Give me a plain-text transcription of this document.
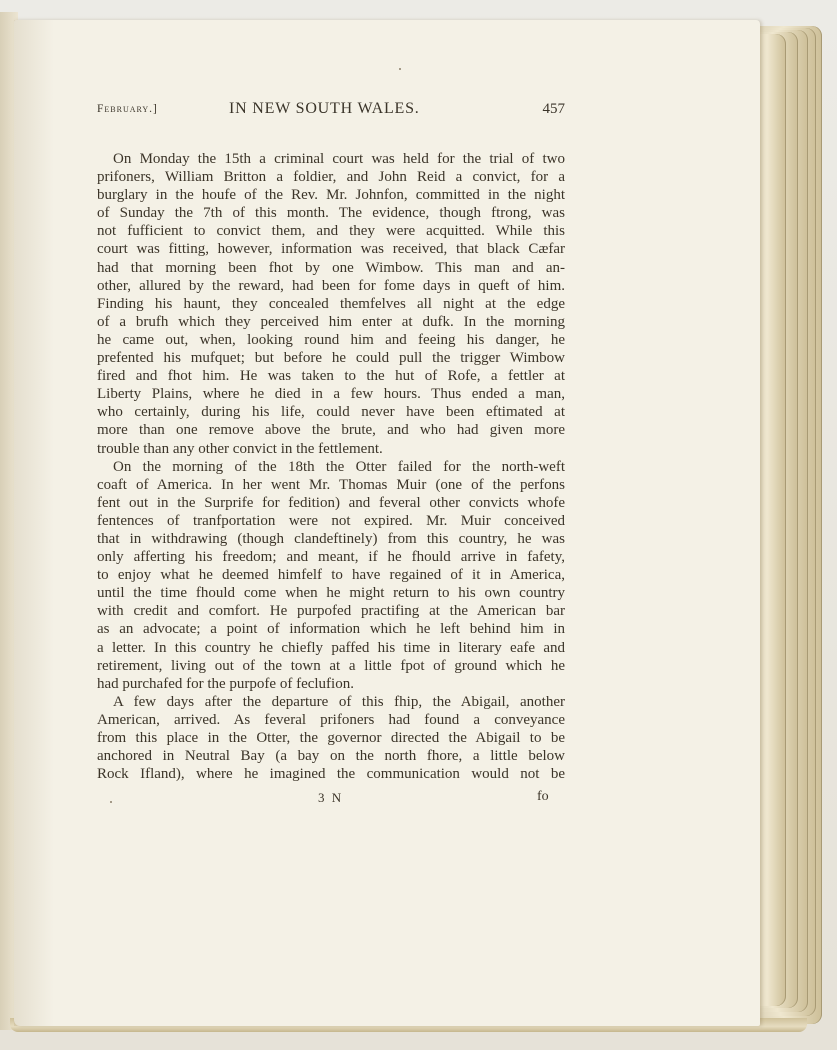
February.]	IN NEW SOUTH WALES.	457
On Monday the 15th a criminal court was held for the trial of two
prifoners, William Britton a foldier, and John Reid a convict, for a
burglary in the houfe of the Rev. Mr. Johnfon, committed in the night
of Sunday the 7th of this month. The evidence, though ftrong, was
not fufficient to convict them, and they were acquitted. While this
court was fitting, however, information was received, that black Cæfar
had that morning been fhot by one Wimbow. This man and an-
other, allured by the reward, had been for fome days in queft of him.
Finding his haunt, they concealed themfelves all night at the edge
of a brufh which they perceived him enter at dufk. In the morning
he came out, when, looking round him and feeing his danger, he
prefented his mufquet; but before he could pull the trigger Wimbow
fired and fhot him. He was taken to the hut of Rofe, a fettler at
Liberty Plains, where he died in a few hours. Thus ended a man,
who certainly, during his life, could never have been eftimated at
more than one remove above the brute, and who had given more
trouble than any other convict in the fettlement.
On the morning of the 18th the Otter failed for the north-weft
coaft of America. In her went Mr. Thomas Muir (one of the perfons
fent out in the Surprife for fedition) and feveral other convicts whofe
fentences of tranfportation were not expired. Mr. Muir conceived
that in withdrawing (though clandeftinely) from this country, he was
only afferting his freedom; and meant, if he fhould arrive in fafety,
to enjoy what he deemed himfelf to have regained of it in America,
until the time fhould come when he might return to his own country
with credit and comfort. He purpofed practifing at the American bar
as an advocate; a point of information which he left behind him in
a letter. In this country he chiefly paffed his time in literary eafe and
retirement, living out of the town at a little fpot of ground which he
had purchafed for the purpofe of feclufion.
A few days after the departure of this fhip, the Abigail, another
American, arrived. As feveral prifoners had found a conveyance
from this place in the Otter, the governor directed the Abigail to be
anchored in Neutral Bay (a bay on the north fhore, a little below
Rock Ifland), where he imagined the communication would not be
3 N	fo
